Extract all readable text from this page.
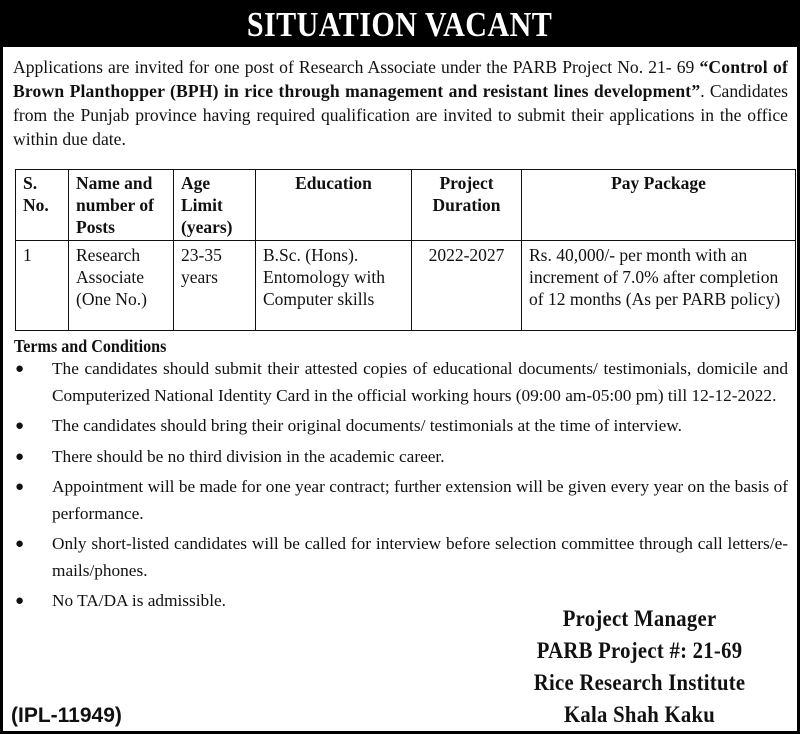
SITUATION VACANT
Applications are invited for one post of Research Associate under the PARB Project No. 21- 69 “Control of Brown Planthopper (BPH) in rice through management and resistant lines development”. Candidates from the Punjab province having required qualification are invited to submit their applications in the office within due date.
S. No.	Name and number of Posts	Age Limit (years)	Education	Project Duration	Pay Package
1	Research Associate (One No.)	23-35 years	B.Sc. (Hons). Entomology with Computer skills	2022-2027	Rs. 40,000/- per month with an increment of 7.0% after completion of 12 months (As per PARB policy)
Terms and Conditions
● The candidates should submit their attested copies of educational documents/ testimonials, domicile and Computerized National Identity Card in the official working hours (09:00 am-05:00 pm) till 12-12-2022.
● The candidates should bring their original documents/ testimonials at the time of interview.
● There should be no third division in the academic career.
● Appointment will be made for one year contract; further extension will be given every year on the basis of performance.
● Only short-listed candidates will be called for interview before selection committee through call letters/e-mails/phones.
● No TA/DA is admissible.
Project Manager
PARB Project #: 21-69
Rice Research Institute
Kala Shah Kaku
(IPL-11949)
